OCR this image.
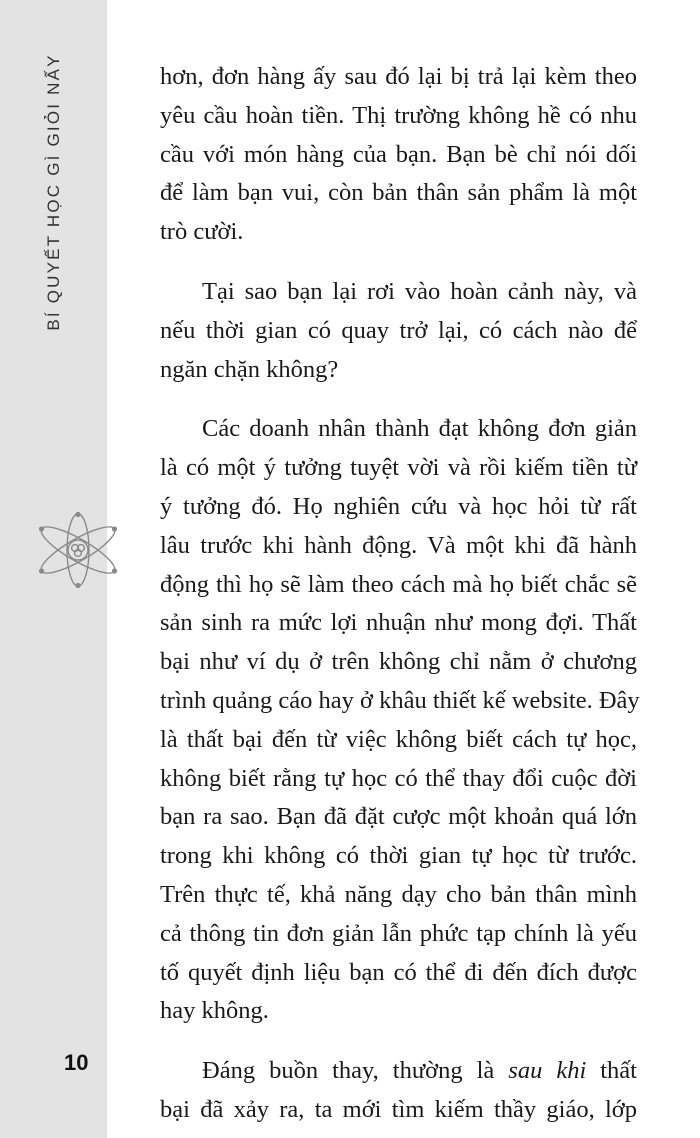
BÍ QUYẾT HỌC GÌ GIỎI NẤY
10
hơn, đơn hàng ấy sau đó lại bị trả lại kèm theo
yêu cầu hoàn tiền. Thị trường không hề có nhu
cầu với món hàng của bạn. Bạn bè chỉ nói dối
để làm bạn vui, còn bản thân sản phẩm là một
trò cười.
Tại sao bạn lại rơi vào hoàn cảnh này, và
nếu thời gian có quay trở lại, có cách nào để
ngăn chặn không?
Các doanh nhân thành đạt không đơn giản
là có một ý tưởng tuyệt vời và rồi kiếm tiền từ
ý tưởng đó. Họ nghiên cứu và học hỏi từ rất
lâu trước khi hành động. Và một khi đã hành
động thì họ sẽ làm theo cách mà họ biết chắc sẽ
sản sinh ra mức lợi nhuận như mong đợi. Thất
bại như ví dụ ở trên không chỉ nằm ở chương
trình quảng cáo hay ở khâu thiết kế website. Đây
là thất bại đến từ việc không biết cách tự học,
không biết rằng tự học có thể thay đổi cuộc đời
bạn ra sao. Bạn đã đặt cược một khoản quá lớn
trong khi không có thời gian tự học từ trước.
Trên thực tế, khả năng dạy cho bản thân mình
cả thông tin đơn giản lẫn phức tạp chính là yếu
tố quyết định liệu bạn có thể đi đến đích được
hay không.
Đáng buồn thay, thường là sau khi thất
bại đã xảy ra, ta mới tìm kiếm thầy giáo, lớp
